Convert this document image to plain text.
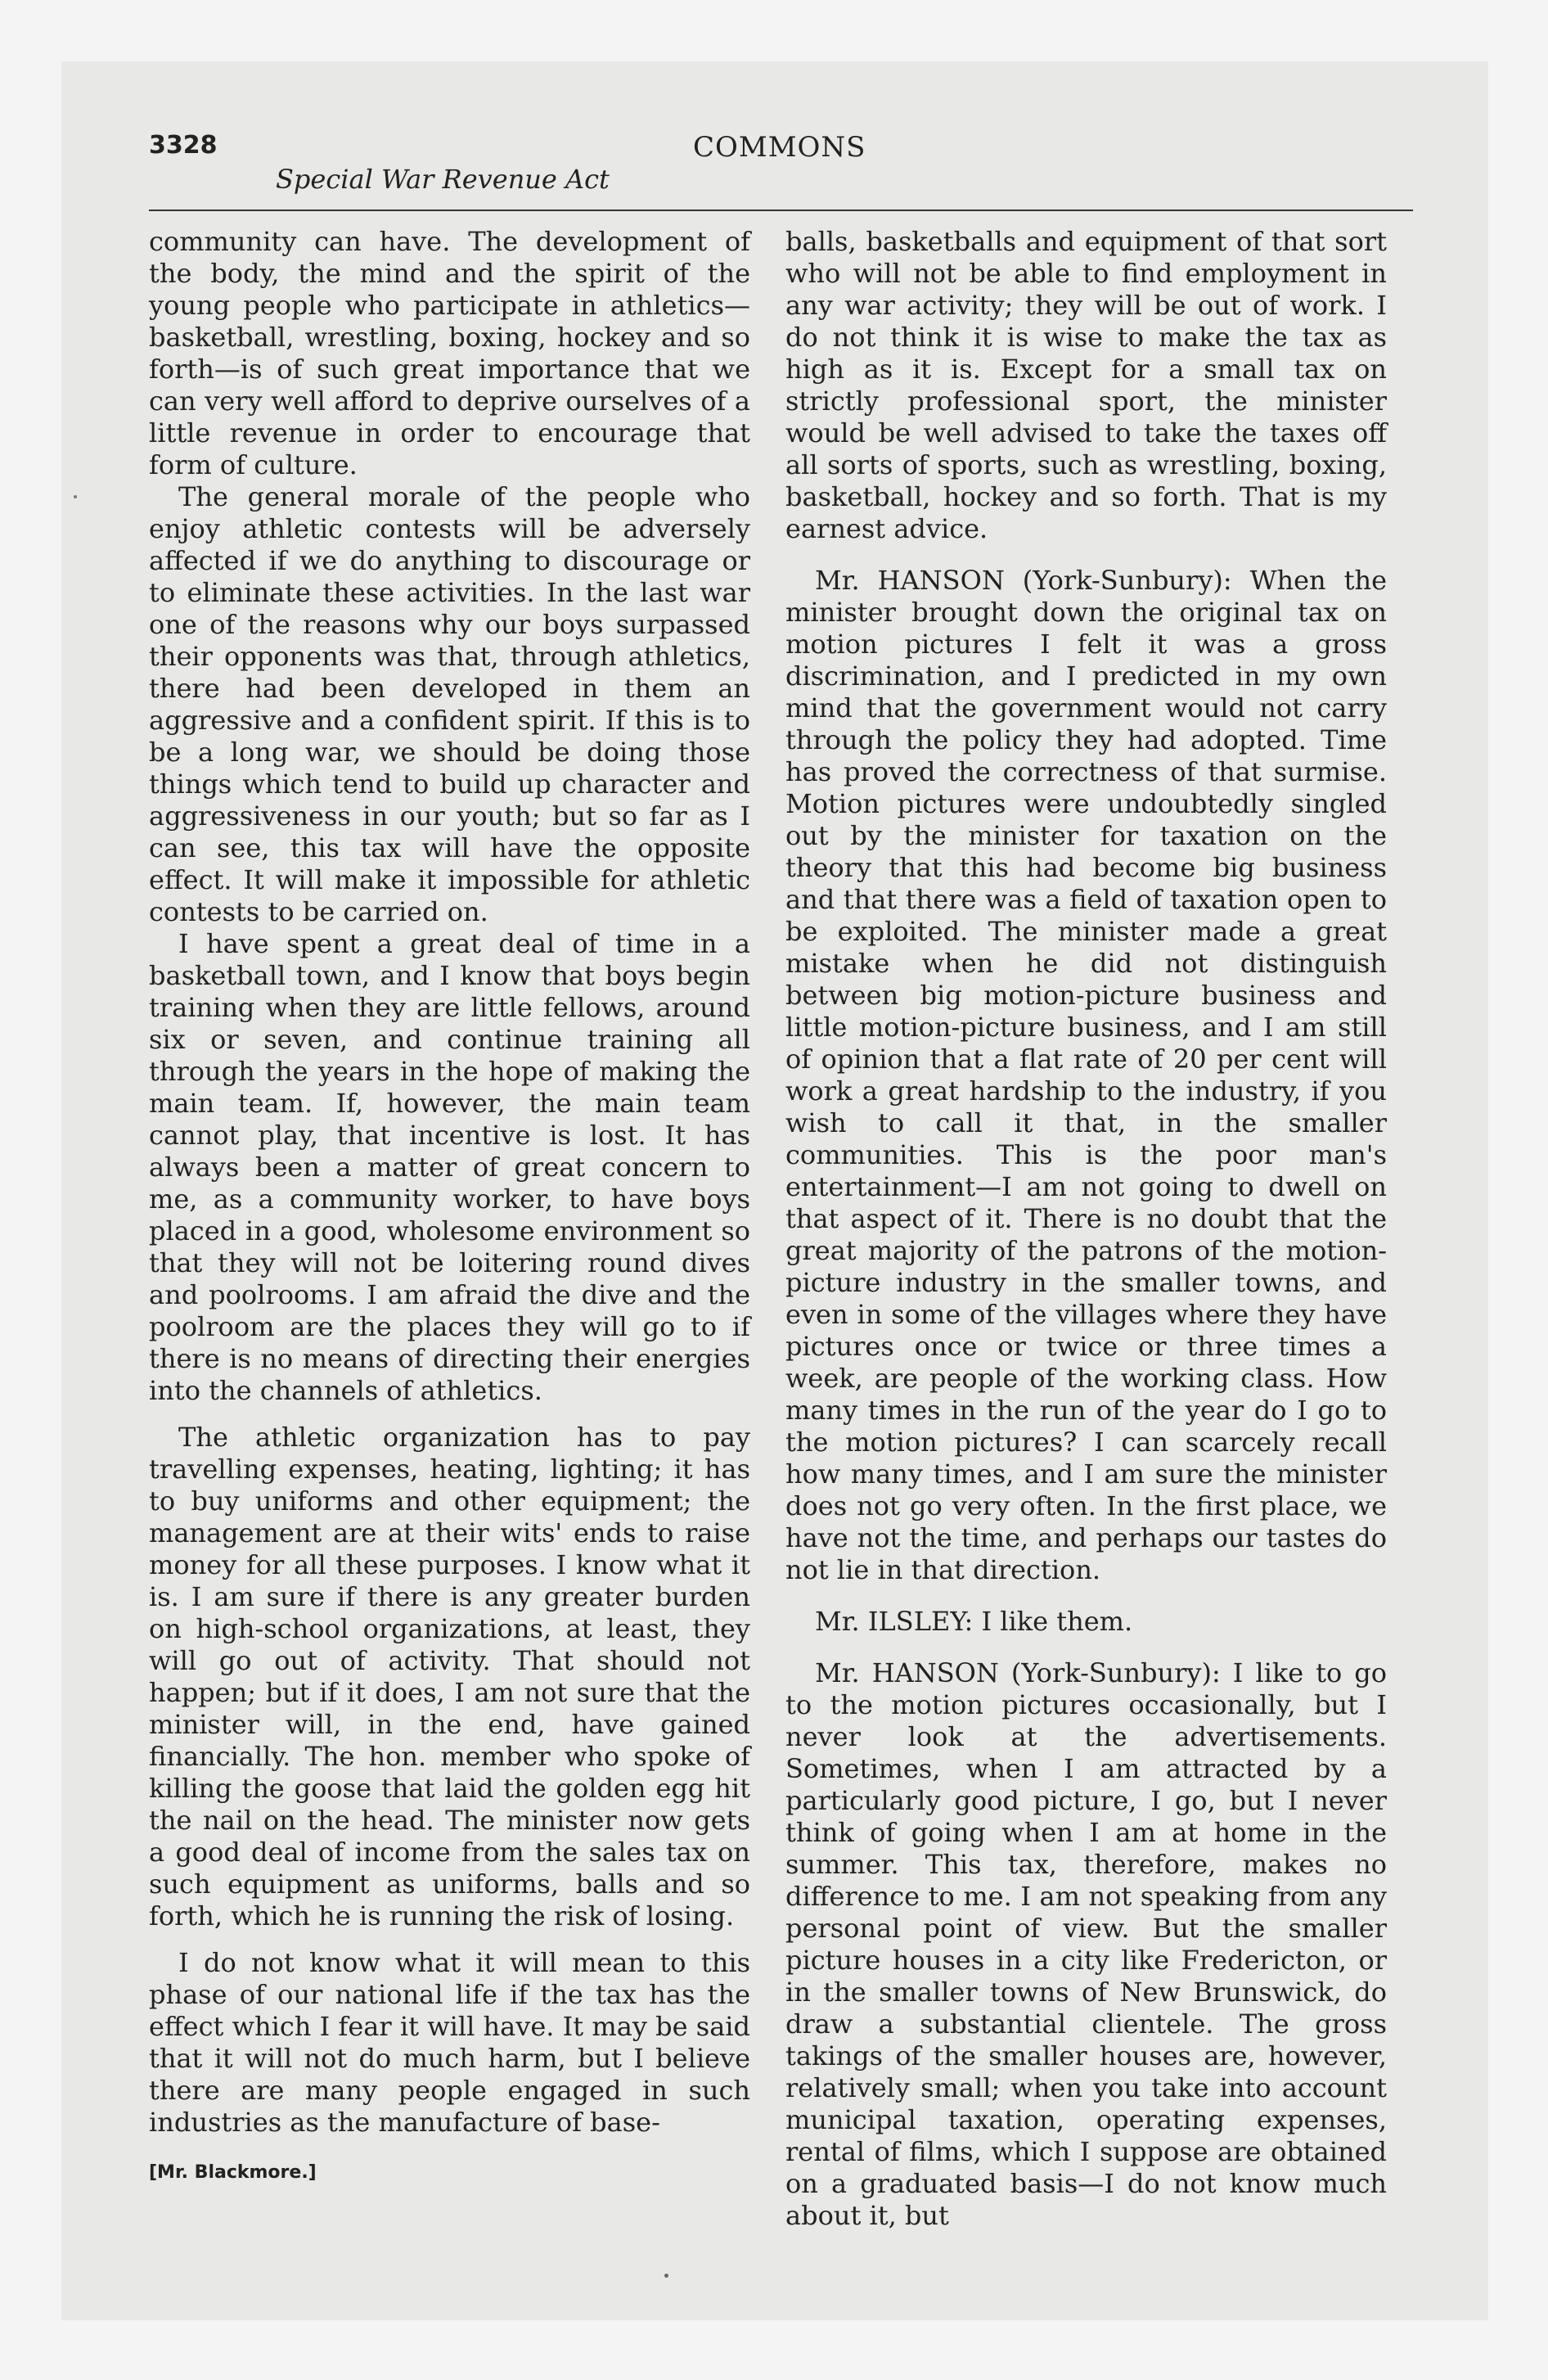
3328
Special War Revenue Act
COMMONS

community can have. The development of the body, the mind and the spirit of the young people who participate in athletics—basketball, wrestling, boxing, hockey and so forth—is of such great importance that we can very well afford to deprive ourselves of a little revenue in order to encourage that form of culture.

The general morale of the people who enjoy athletic contests will be adversely affected if we do anything to discourage or to eliminate these activities. In the last war one of the reasons why our boys surpassed their opponents was that, through athletics, there had been developed in them an aggressive and a confident spirit. If this is to be a long war, we should be doing those things which tend to build up character and aggressiveness in our youth; but so far as I can see, this tax will have the opposite effect. It will make it impossible for athletic contests to be carried on.

I have spent a great deal of time in a basketball town, and I know that boys begin training when they are little fellows, around six or seven, and continue training all through the years in the hope of making the main team. If, however, the main team cannot play, that incentive is lost. It has always been a matter of great concern to me, as a community worker, to have boys placed in a good, wholesome environment so that they will not be loitering round dives and poolrooms. I am afraid the dive and the poolroom are the places they will go to if there is no means of directing their energies into the channels of athletics.

The athletic organization has to pay travelling expenses, heating, lighting; it has to buy uniforms and other equipment; the management are at their wits' ends to raise money for all these purposes. I know what it is. I am sure if there is any greater burden on high-school organizations, at least, they will go out of activity. That should not happen; but if it does, I am not sure that the minister will, in the end, have gained financially. The hon. member who spoke of killing the goose that laid the golden egg hit the nail on the head. The minister now gets a good deal of income from the sales tax on such equipment as uniforms, balls and so forth, which he is running the risk of losing.

I do not know what it will mean to this phase of our national life if the tax has the effect which I fear it will have. It may be said that it will not do much harm, but I believe there are many people engaged in such industries as the manufacture of base-

[Mr. Blackmore.]

balls, basketballs and equipment of that sort who will not be able to find employment in any war activity; they will be out of work. I do not think it is wise to make the tax as high as it is. Except for a small tax on strictly professional sport, the minister would be well advised to take the taxes off all sorts of sports, such as wrestling, boxing, basketball, hockey and so forth. That is my earnest advice.

Mr. HANSON (York-Sunbury): When the minister brought down the original tax on motion pictures I felt it was a gross discrimination, and I predicted in my own mind that the government would not carry through the policy they had adopted. Time has proved the correctness of that surmise. Motion pictures were undoubtedly singled out by the minister for taxation on the theory that this had become big business and that there was a field of taxation open to be exploited. The minister made a great mistake when he did not distinguish between big motion-picture business and little motion-picture business, and I am still of opinion that a flat rate of 20 per cent will work a great hardship to the industry, if you wish to call it that, in the smaller communities. This is the poor man's entertainment—I am not going to dwell on that aspect of it. There is no doubt that the great majority of the patrons of the motion-picture industry in the smaller towns, and even in some of the villages where they have pictures once or twice or three times a week, are people of the working class. How many times in the run of the year do I go to the motion pictures? I can scarcely recall how many times, and I am sure the minister does not go very often. In the first place, we have not the time, and perhaps our tastes do not lie in that direction.

Mr. ILSLEY: I like them.

Mr. HANSON (York-Sunbury): I like to go to the motion pictures occasionally, but I never look at the advertisements. Sometimes, when I am attracted by a particularly good picture, I go, but I never think of going when I am at home in the summer. This tax, therefore, makes no difference to me. I am not speaking from any personal point of view. But the smaller picture houses in a city like Fredericton, or in the smaller towns of New Brunswick, do draw a substantial clientele. The gross takings of the smaller houses are, however, relatively small; when you take into account municipal taxation, operating expenses, rental of films, which I suppose are obtained on a graduated basis—I do not know much about it, but
